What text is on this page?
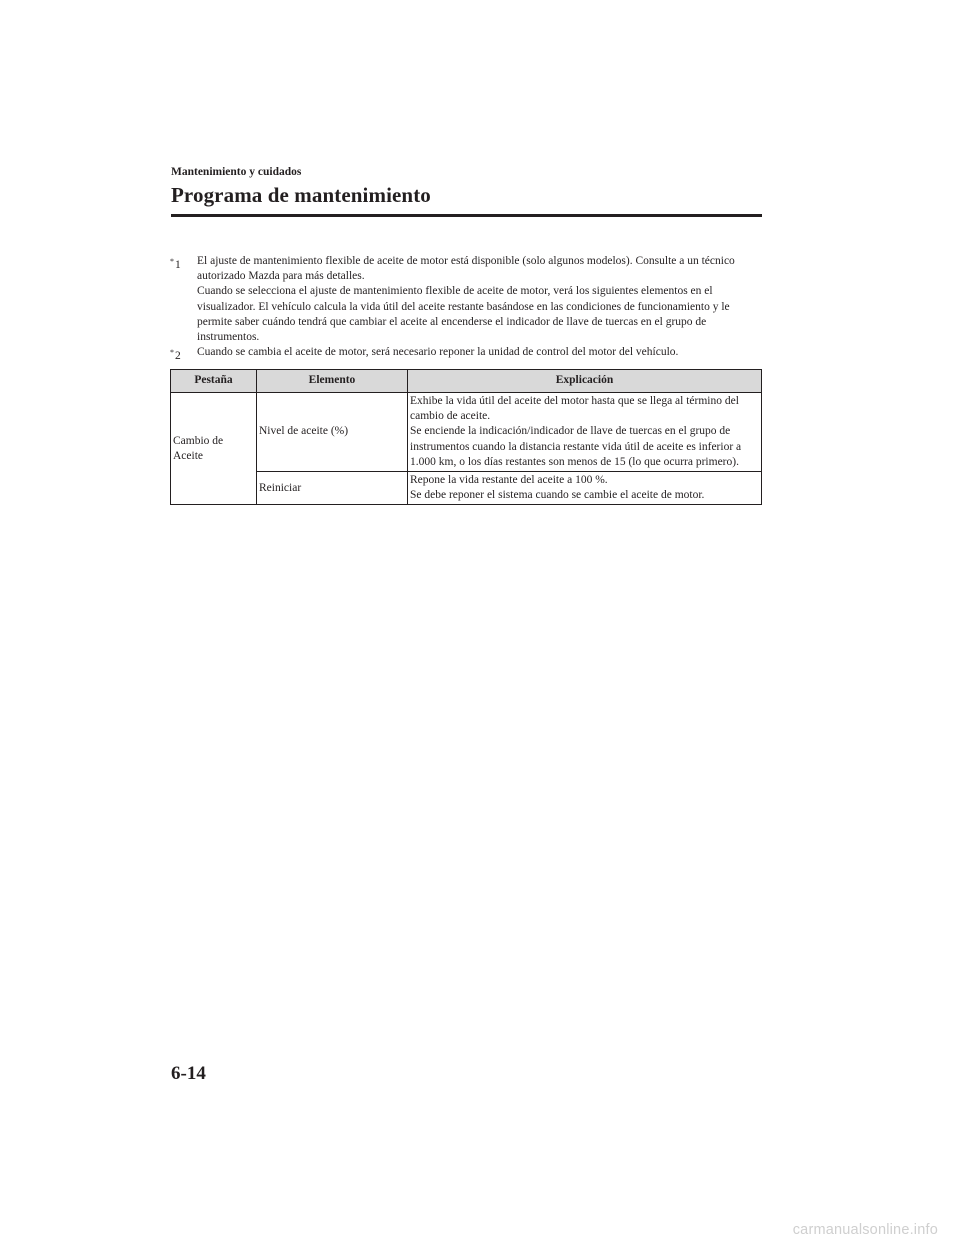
Mantenimiento y cuidados
Programa de mantenimiento
*1 El ajuste de mantenimiento flexible de aceite de motor está disponible (solo algunos modelos). Consulte a un técnico autorizado Mazda para más detalles.

Cuando se selecciona el ajuste de mantenimiento flexible de aceite de motor, verá los siguientes elementos en el visualizador. El vehículo calcula la vida útil del aceite restante basándose en las condiciones de funcionamiento y le permite saber cuándo tendrá que cambiar el aceite al encenderse el indicador de llave de tuercas en el grupo de instrumentos.

*2 Cuando se cambia el aceite de motor, será necesario reponer la unidad de control del motor del vehículo.

Pestaña	Elemento	Explicación
Cambio de Aceite	Nivel de aceite (%)	Exhibe la vida útil del aceite del motor hasta que se llega al término del cambio de aceite.

Se enciende la indicación/indicador de llave de tuercas en el grupo de instrumentos cuando la distancia restante vida útil de aceite es inferior a 1.000 km, o los días restantes son menos de 15 (lo que ocurra primero).

	Reiniciar	Repone la vida restante del aceite a 100 %.

Se debe reponer el sistema cuando se cambie el aceite de motor.

6-14
carmanualsonline.info
